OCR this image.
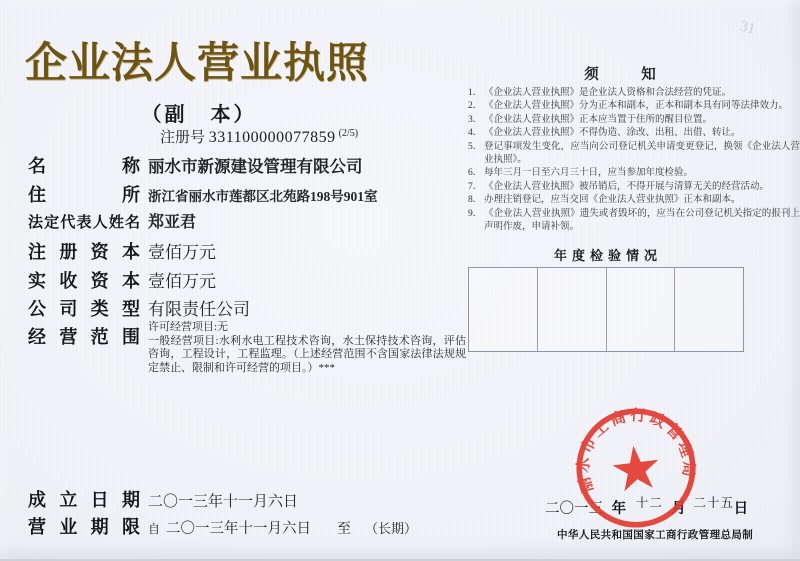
31
企业法人营业执照
（副　本）
注册号 331100000077859 $^{(2/5)}$
名称 丽水市新源建设管理有限公司
住所 浙江省丽水市莲都区北苑路198号901室
法定代表人姓名 郑亚君
注册资本 壹佰万元
实收资本 壹佰万元
公司类型 有限责任公司
经营范围 许可经营项目:无
一般经营项目:水利水电工程技术咨询，水土保持技术咨询，评估咨询，工程设计，工程监理。（上述经营范围不含国家法律法规规定禁止、限制和许可经营的项目。）***
成立日期 二〇一三年十一月六日
营业期限 自 二〇一三年十一月六日 至 （长期）
须　知
1． 《企业法人营业执照》是企业法人资格和合法经营的凭证。
2． 《企业法人营业执照》分为正本和副本，正本和副本具有同等法律效力。
3． 《企业法人营业执照》正本应当置于住所的醒目位置。
4． 《企业法人营业执照》不得伪造、涂改、出租、出借、转让。
5． 登记事项发生变化，应当向公司登记机关申请变更登记，换领《企业法人营业执照》。
6． 每年三月一日至六月三十日，应当参加年度检验。
7． 《企业法人营业执照》被吊销后，不得开展与清算无关的经营活动。
8． 办理注销登记，应当交回《企业法人营业执照》正本和副本。
9． 《企业法人营业执照》遗失或者毁坏的，应当在公司登记机关指定的报刊上声明作废，申请补领。
年度检验情况
二〇一三 年 十二 月 二十五 日
丽水市工商行政管理局
中华人民共和国国家工商行政管理总局制
